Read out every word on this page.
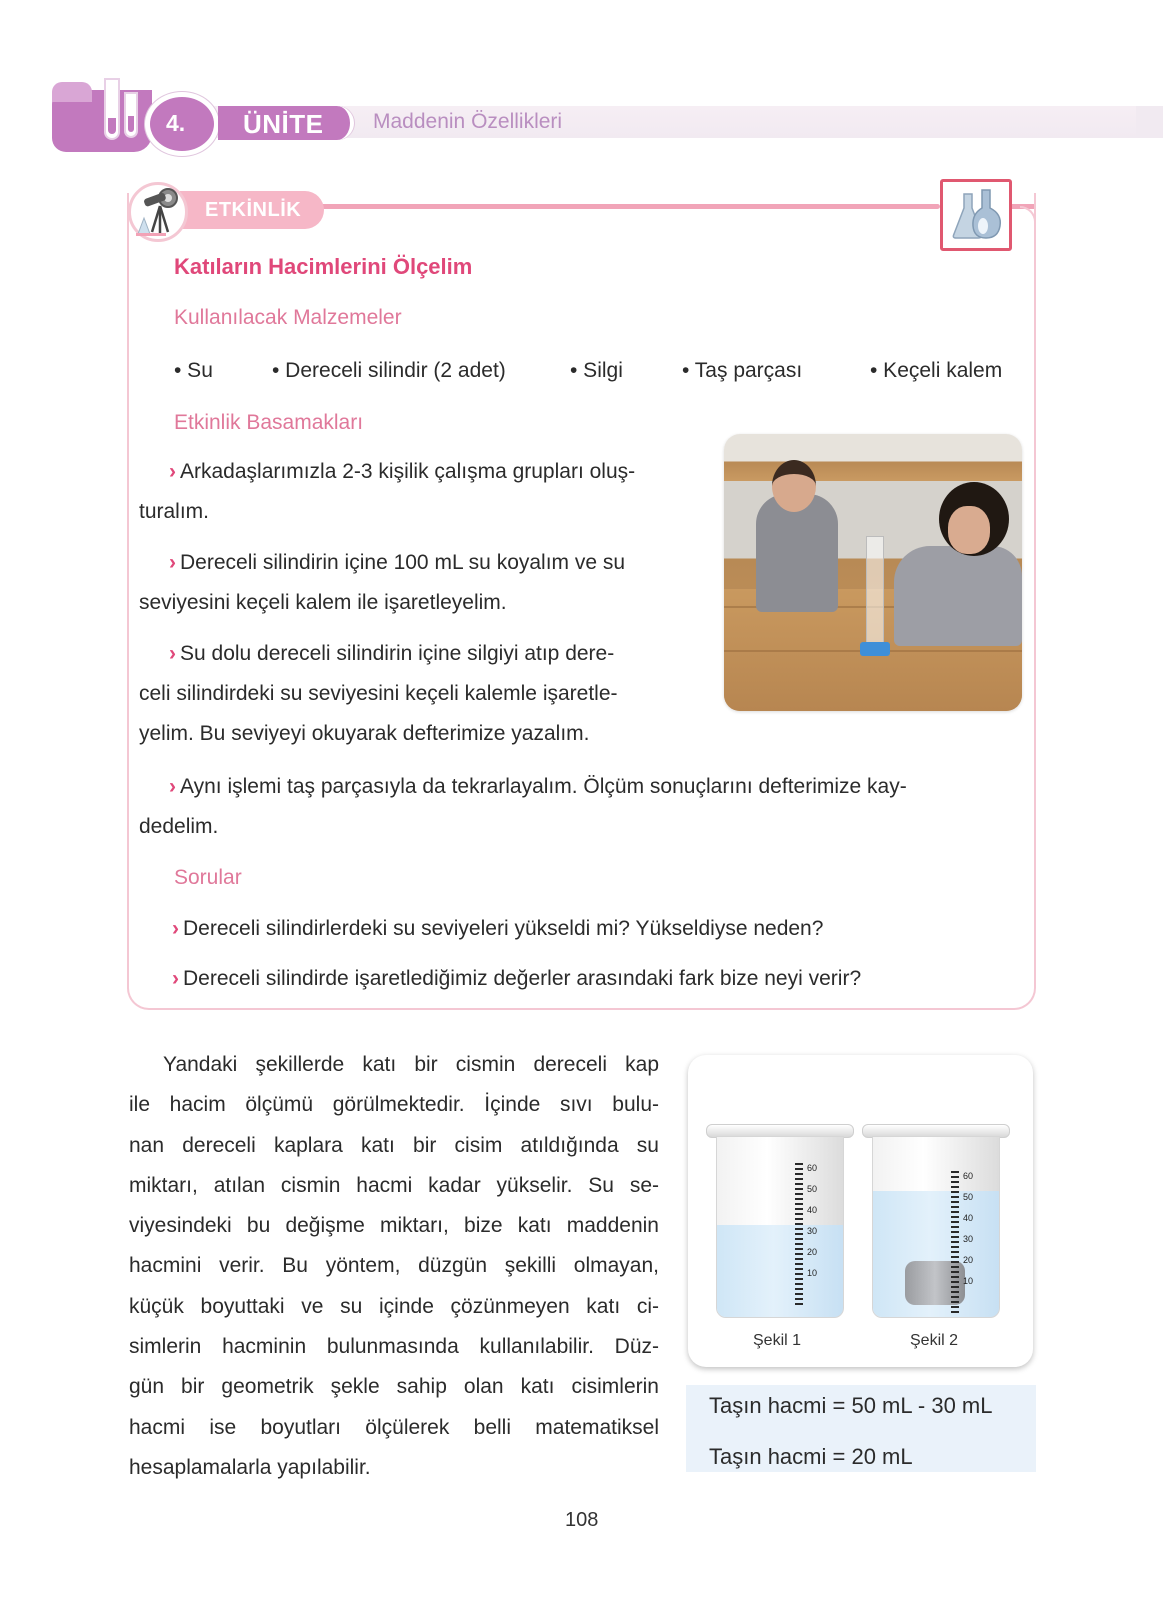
4. ÜNİTE Maddenin Özellikleri
ETKİNLİK
Katıların Hacimlerini Ölçelim
Kullanılacak Malzemeler
• Su	• Dereceli silindir (2 adet)	• Silgi	• Taş parçası	• Keçeli kalem
Etkinlik Basamakları
› Arkadaşlarımızla 2-3 kişilik çalışma grupları oluş-
turalım.
› Dereceli silindirin içine 100 mL su koyalım ve su
seviyesini keçeli kalem ile işaretleyelim.
› Su dolu dereceli silindirin içine silgiyi atıp dere-
celi silindirdeki su seviyesini keçeli kalemle işaretle-
yelim. Bu seviyeyi okuyarak defterimize yazalım.
› Aynı işlemi taş parçasıyla da tekrarlayalım. Ölçüm sonuçlarını defterimize kay-
dedelim.
Sorular
› Dereceli silindirlerdeki su seviyeleri yükseldi mi? Yükseldiyse neden?
› Dereceli silindirde işaretlediğimiz değerler arasındaki fark bize neyi verir?
Yandaki şekillerde katı bir cismin dereceli kap
ile hacim ölçümü görülmektedir. İçinde sıvı bulu-
nan dereceli kaplara katı bir cisim atıldığında su
miktarı, atılan cismin hacmi kadar yükselir. Su se-
viyesindeki bu değişme miktarı, bize katı maddenin
hacmini verir. Bu yöntem, düzgün şekilli olmayan,
küçük boyuttaki ve su içinde çözünmeyen katı ci-
simlerin hacminin bulunmasında kullanılabilir. Düz-
gün bir geometrik şekle sahip olan katı cisimlerin
hacmi ise boyutları ölçülerek belli matematiksel
hesaplamalarla yapılabilir.
60
50
40
30
20
10
Şekil 1
60
50
40
30
20
10
Şekil 2
Taşın hacmi = 50 mL - 30 mL
Taşın hacmi = 20 mL
108
